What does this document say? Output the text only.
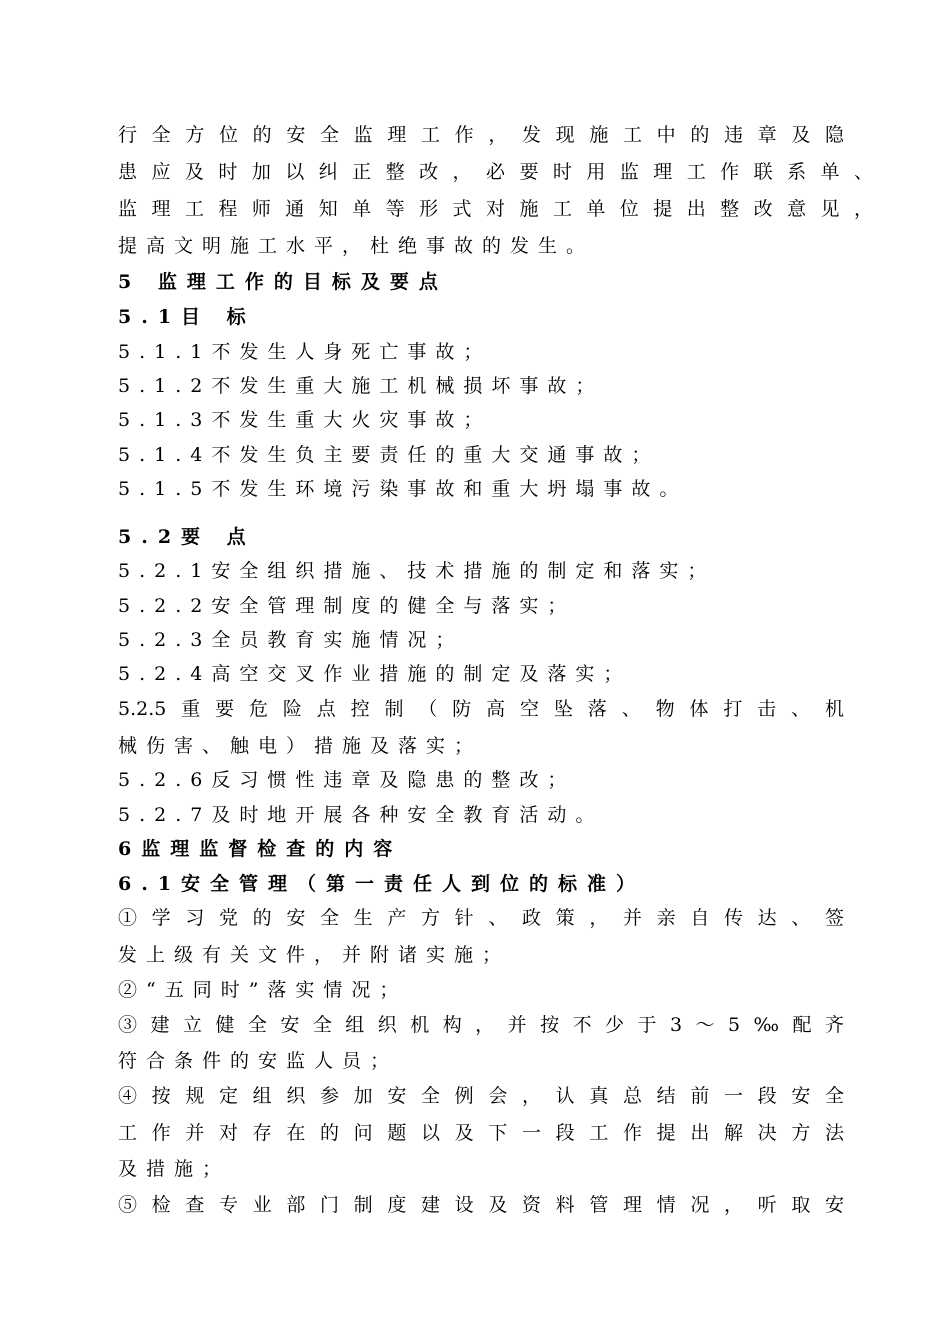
行全方位的安全监理工作，发现施工中的违章及隐
患应及时加以纠正整改，必要时用监理工作联系单、
监理工程师通知单等形式对施工单位提出整改意见，
提高文明施工水平，杜绝事故的发生。
5 监理工作的目标及要点
5.1目 标
5.1.1不发生人身死亡事故；
5.1.2不发生重大施工机械损坏事故；
5.1.3不发生重大火灾事故；
5.1.4不发生负主要责任的重大交通事故；
5.1.5不发生环境污染事故和重大坍塌事故。
5.2要 点
5.2.1安全组织措施、技术措施的制定和落实；
5.2.2安全管理制度的健全与落实；
5.2.3全员教育实施情况；
5.2.4高空交叉作业措施的制定及落实；
5.2.5重要危险点控制（防高空坠落、物体打击、机
械伤害、触电）措施及落实；
5.2.6反习惯性违章及隐患的整改；
5.2.7及时地开展各种安全教育活动。
6监理监督检查的内容
6.1安全管理（第一责任人到位的标准）
①学习党的安全生产方针、政策，并亲自传达、签
发上级有关文件，并附诸实施；
②“五同时”落实情况；
③建立健全安全组织机构，并按不少于3～5‰配齐
符合条件的安监人员；
④按规定组织参加安全例会，认真总结前一段安全
工作并对存在的问题以及下一段工作提出解决方法
及措施；
⑤检查专业部门制度建设及资料管理情况，听取安
